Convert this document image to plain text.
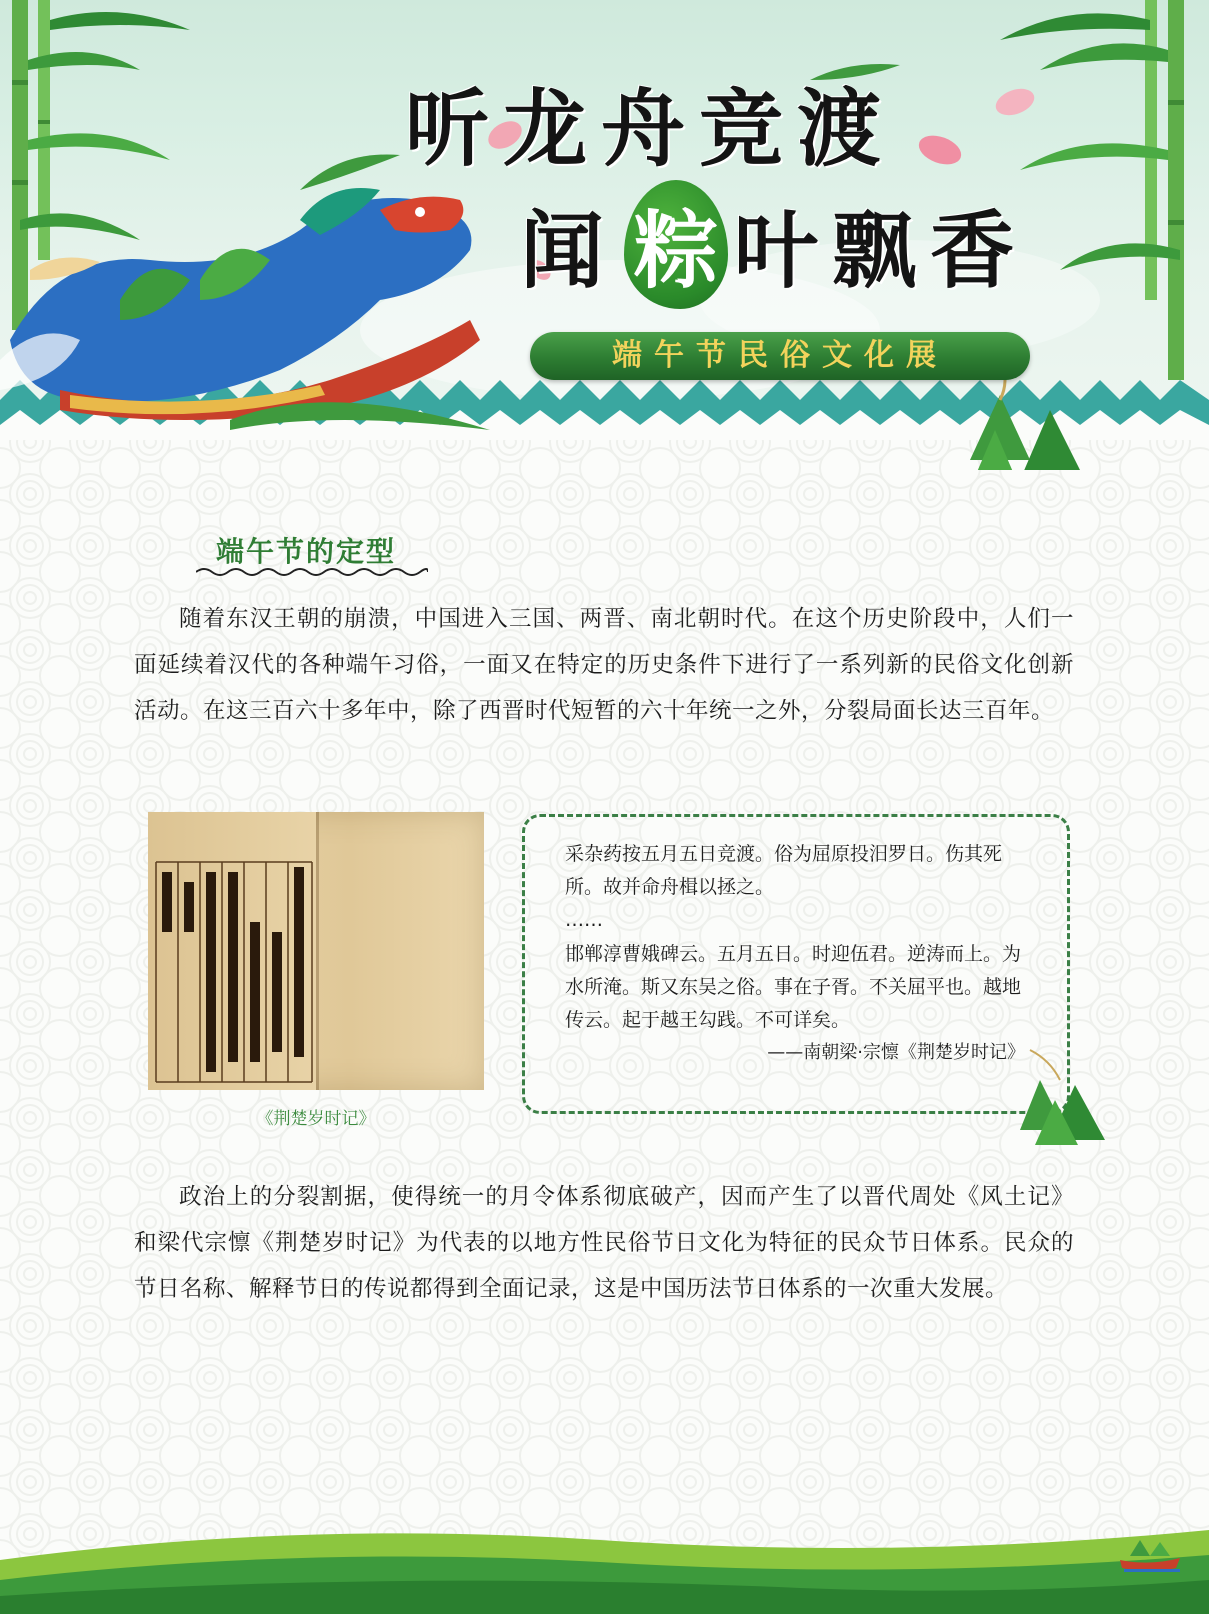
听龙舟竞渡
闻 粽 叶飘香
端午节民俗文化展
端午节的定型

随着东汉王朝的崩溃，中国进入三国、两晋、南北朝时代。在这个历史阶段中，人们一面延续着汉代的各种端午习俗，一面又在特定的历史条件下进行了一系列新的民俗文化创新活动。在这三百六十多年中，除了西晋时代短暂的六十年统一之外，分裂局面长达三百年。

《荆楚岁时记》

采杂药按五月五日竞渡。俗为屈原投汨罗日。伤其死所。故并命舟楫以拯之。

……

邯郸淳曹娥碑云。五月五日。时迎伍君。逆涛而上。为水所淹。斯又东吴之俗。事在子胥。不关屈平也。越地传云。起于越王勾践。不可详矣。

——南朝梁·宗懔《荆楚岁时记》

政治上的分裂割据，使得统一的月令体系彻底破产，因而产生了以晋代周处《风土记》和梁代宗懔《荆楚岁时记》为代表的以地方性民俗节日文化为特征的民众节日体系。民众的节日名称、解释节日的传说都得到全面记录，这是中国历法节日体系的一次重大发展。
